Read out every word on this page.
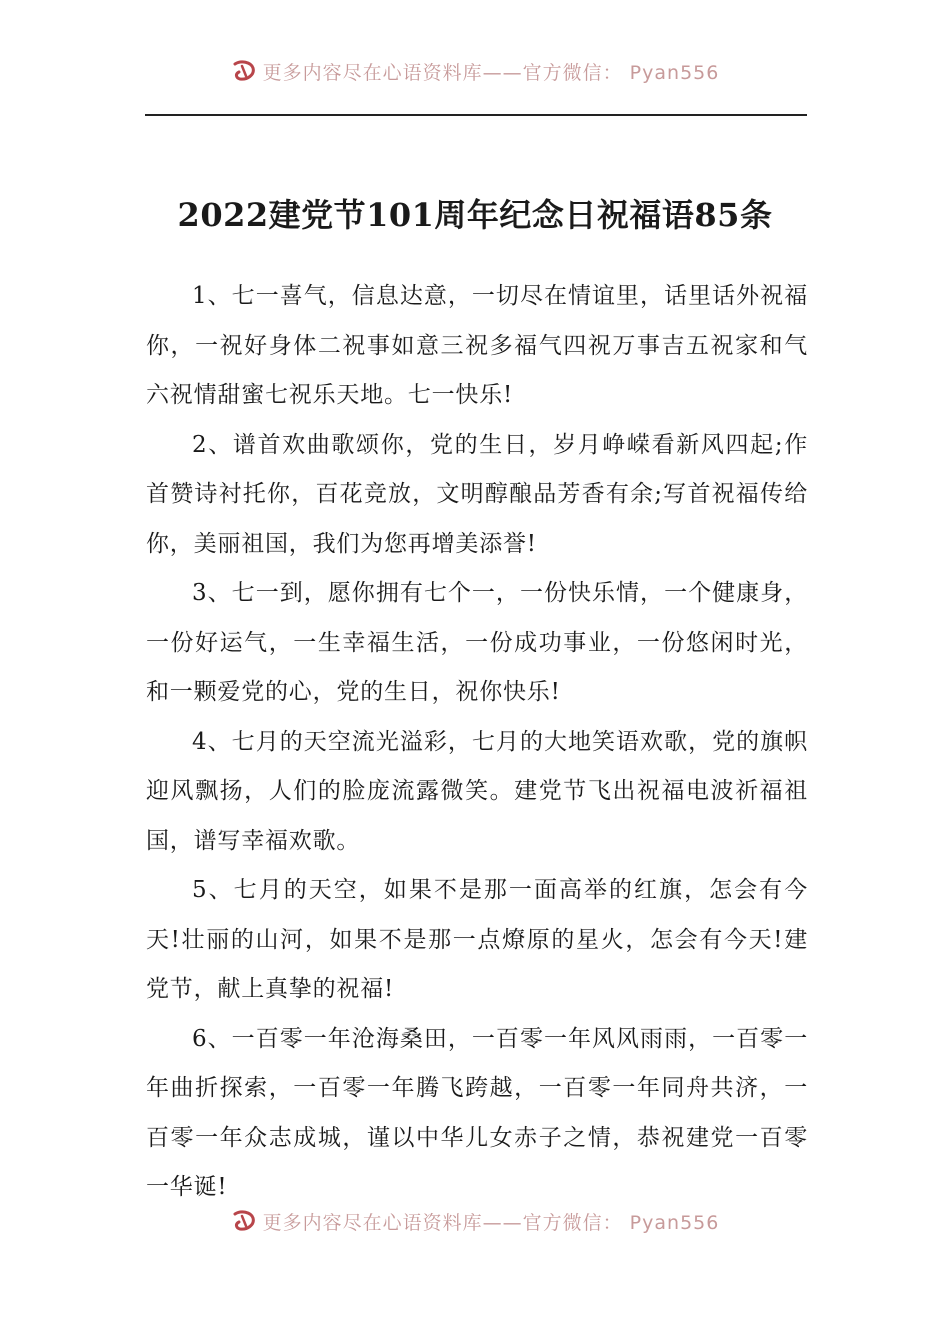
更多内容尽在心语资料库——官方微信： Pyan556
2022建党节101周年纪念日祝福语85条

1、七一喜气，信息达意，一切尽在情谊里，话里话外祝福你，一祝好身体二祝事如意三祝多福气四祝万事吉五祝家和气六祝情甜蜜七祝乐天地。七一快乐!

2、谱首欢曲歌颂你，党的生日，岁月峥嵘看新风四起;作首赞诗衬托你，百花竞放，文明醇酿品芳香有余;写首祝福传给你，美丽祖国，我们为您再增美添誉!

3、七一到，愿你拥有七个一，一份快乐情，一个健康身，一份好运气，一生幸福生活，一份成功事业，一份悠闲时光，和一颗爱党的心，党的生日，祝你快乐!

4、七月的天空流光溢彩，七月的大地笑语欢歌，党的旗帜迎风飘扬，人们的脸庞流露微笑。建党节飞出祝福电波祈福祖国，谱写幸福欢歌。

5、七月的天空，如果不是那一面高举的红旗，怎会有今天!壮丽的山河，如果不是那一点燎原的星火，怎会有今天!建党节，献上真挚的祝福!

6、一百零一年沧海桑田，一百零一年风风雨雨，一百零一年曲折探索，一百零一年腾飞跨越，一百零一年同舟共济，一百零一年众志成城，谨以中华儿女赤子之情，恭祝建党一百零一华诞!

更多内容尽在心语资料库——官方微信： Pyan556
